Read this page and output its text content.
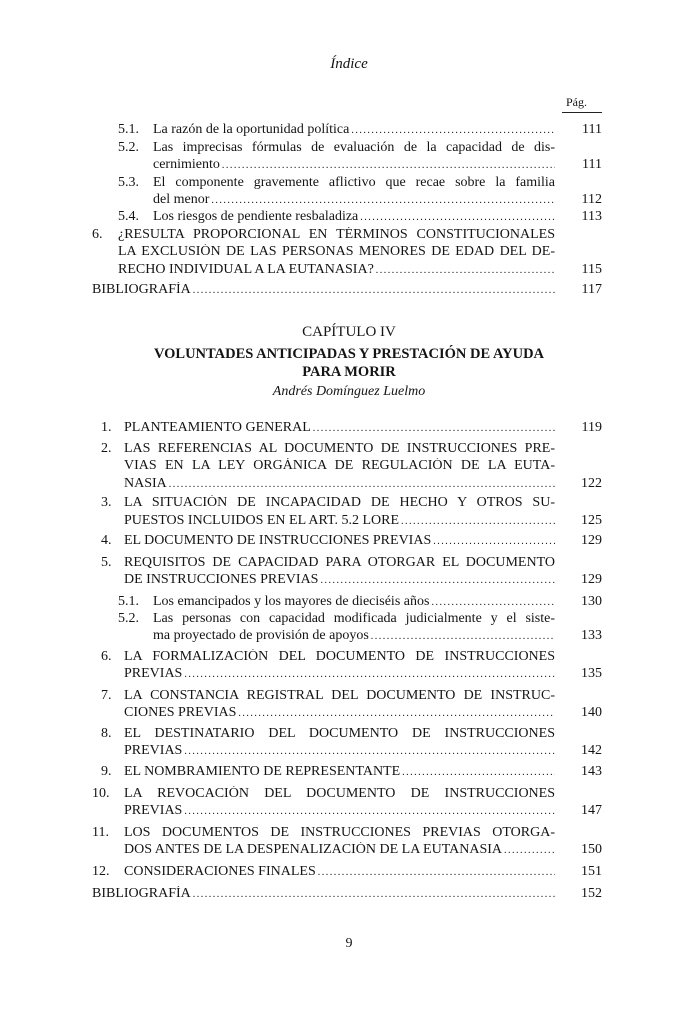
Índice
Pág.
5.1. La razón de la oportunidad política .....	111
5.2. Las imprecisas fórmulas de evaluación de la capacidad de dis-
cernimiento .....	111
5.3. El componente gravemente aflictivo que recae sobre la familia
del menor .....	112
5.4. Los riesgos de pendiente resbaladiza .....	113
6. ¿RESULTA PROPORCIONAL EN TÉRMINOS CONSTITUCIONALES
LA EXCLUSIÓN DE LAS PERSONAS MENORES DE EDAD DEL DE-
RECHO INDIVIDUAL A LA EUTANASIA? .....	115
BIBLIOGRAFÍA .....	117
CAPÍTULO IV
VOLUNTADES ANTICIPADAS Y PRESTACIÓN DE AYUDA
PARA MORIR
Andrés Domínguez Luelmo
1. PLANTEAMIENTO GENERAL .....	119
2. LAS REFERENCIAS AL DOCUMENTO DE INSTRUCCIONES PRE-
VIAS EN LA LEY ORGÁNICA DE REGULACIÓN DE LA EUTA-
NASIA .....	122
3. LA SITUACIÓN DE INCAPACIDAD DE HECHO Y OTROS SU-
PUESTOS INCLUIDOS EN EL ART. 5.2 LORE .....	125
4. EL DOCUMENTO DE INSTRUCCIONES PREVIAS .....	129
5. REQUISITOS DE CAPACIDAD PARA OTORGAR EL DOCUMENTO
DE INSTRUCCIONES PREVIAS .....	129
5.1. Los emancipados y los mayores de dieciséis años .....	130
5.2. Las personas con capacidad modificada judicialmente y el siste-
ma proyectado de provisión de apoyos .....	133
6. LA FORMALIZACIÓN DEL DOCUMENTO DE INSTRUCCIONES
PREVIAS .....	135
7. LA CONSTANCIA REGISTRAL DEL DOCUMENTO DE INSTRUC-
CIONES PREVIAS .....	140
8. EL DESTINATARIO DEL DOCUMENTO DE INSTRUCCIONES
PREVIAS .....	142
9. EL NOMBRAMIENTO DE REPRESENTANTE .....	143
10. LA REVOCACIÓN DEL DOCUMENTO DE INSTRUCCIONES
PREVIAS .....	147
11. LOS DOCUMENTOS DE INSTRUCCIONES PREVIAS OTORGA-
DOS ANTES DE LA DESPENALIZACIÓN DE LA EUTANASIA .....	150
12. CONSIDERACIONES FINALES .....	151
BIBLIOGRAFÍA .....	152
9
